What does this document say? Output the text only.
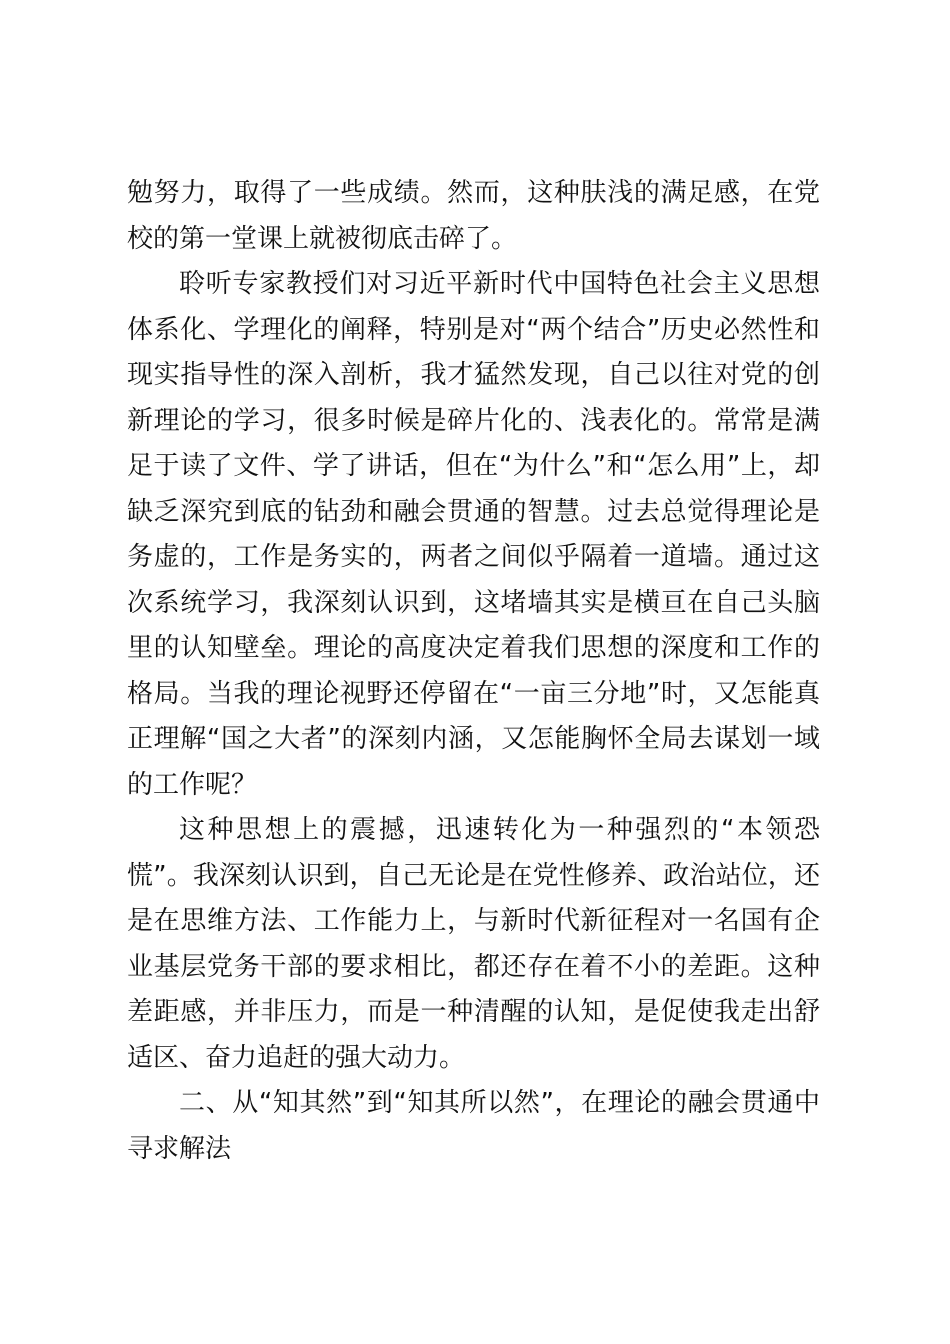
勉努力，取得了一些成绩。然而，这种肤浅的满足感，在党校的第一堂课上就被彻底击碎了。

聆听专家教授们对习近平新时代中国特色社会主义思想体系化、学理化的阐释，特别是对“两个结合”历史必然性和现实指导性的深入剖析，我才猛然发现，自己以往对党的创新理论的学习，很多时候是碎片化的、浅表化的。常常是满足于读了文件、学了讲话，但在“为什么”和“怎么用”上，却缺乏深究到底的钻劲和融会贯通的智慧。过去总觉得理论是务虚的，工作是务实的，两者之间似乎隔着一道墙。通过这次系统学习，我深刻认识到，这堵墙其实是横亘在自己头脑里的认知壁垒。理论的高度决定着我们思想的深度和工作的格局。当我的理论视野还停留在“一亩三分地”时，又怎能真正理解“国之大者”的深刻内涵，又怎能胸怀全局去谋划一域的工作呢？

这种思想上的震撼，迅速转化为一种强烈的“本领恐慌”。我深刻认识到，自己无论是在党性修养、政治站位，还是在思维方法、工作能力上，与新时代新征程对一名国有企业基层党务干部的要求相比，都还存在着不小的差距。这种差距感，并非压力，而是一种清醒的认知，是促使我走出舒适区、奋力追赶的强大动力。

二、从“知其然”到“知其所以然”，在理论的融会贯通中寻求解法
